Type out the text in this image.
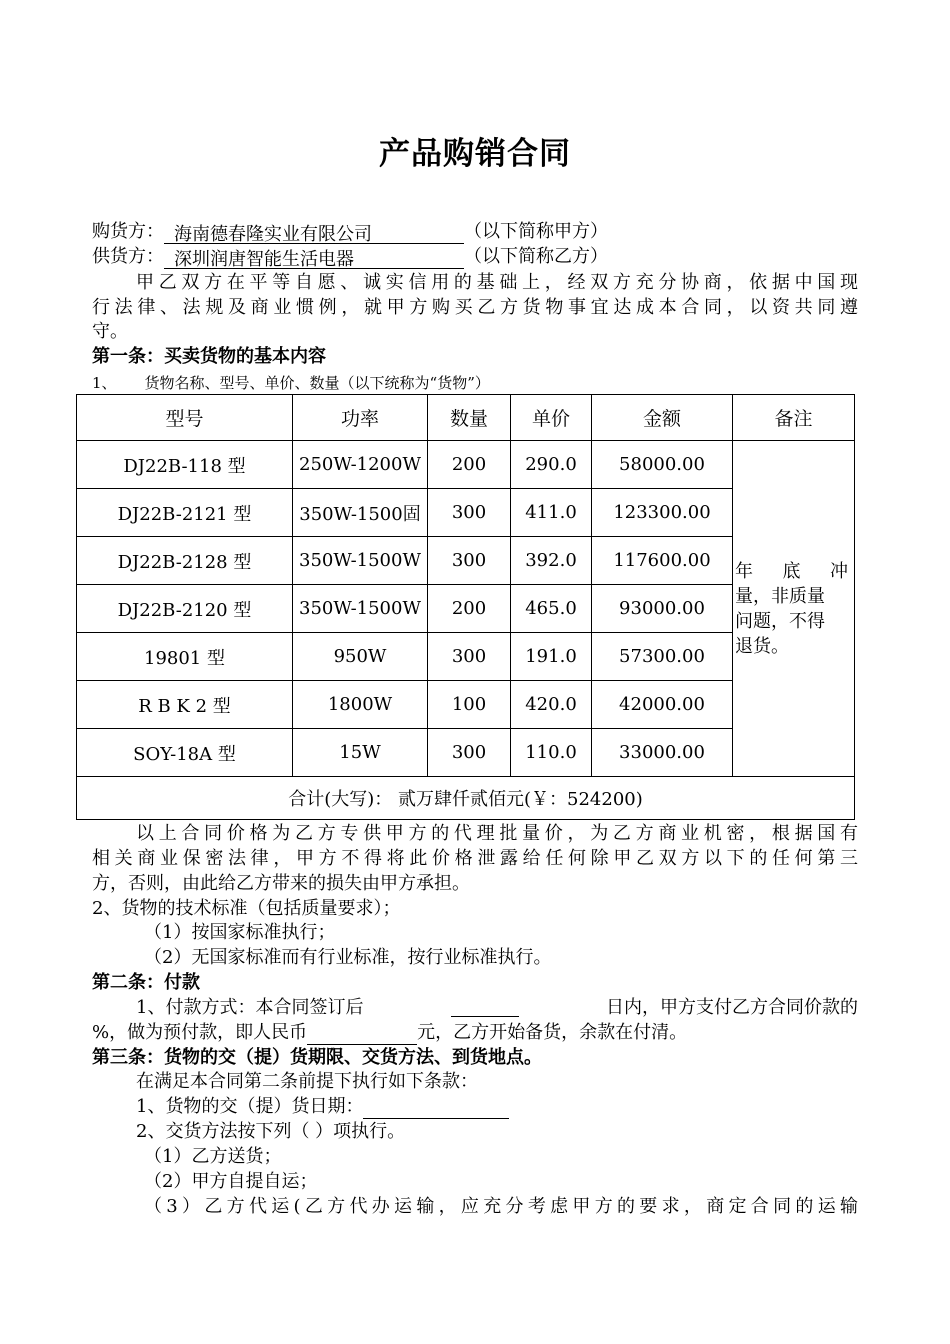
产品购销合同
购货方： 海南德春隆实业有限公司	（以下简称甲方）
供货方： 深圳润唐智能生活电器	（以下简称乙方）
甲乙双方在平等自愿、诚实信用的基础上，经双方充分协商，依据中国现
行法律、法规及商业惯例，就甲方购买乙方货物事宜达成本合同，以资共同遵
守。
第一条：买卖货物的基本内容
1、 货物名称、型号、单价、数量（以下统称为“货物”）
型号	功率	数量	单价	金额	备注
DJ22B-118 型	250W-1200W	200	290.0	58000.00	年 底 冲
量，非质量
问题，不得
退货。

DJ22B-2121 型	350W-1500固	300	411.0	123300.00	
DJ22B-2128 型	350W-1500W	300	392.0	117600.00	
DJ22B-2120 型	350W-1500W	200	465.0	93000.00	
19801 型	950W	300	191.0	57300.00	
R B K 2 型	1800W	100	420.0	42000.00	
SOY-18A 型	15W	300	110.0	33000.00	
合计(大写)： 贰万肆仟贰佰元(￥：524200)					
以上合同价格为乙方专供甲方的代理批量价，为乙方商业机密，根据国有
相关商业保密法律，甲方不得将此价格泄露给任何除甲乙双方以下的任何第三
方，否则，由此给乙方带来的损失由甲方承担。
2、货物的技术标准（包括质量要求）；
（1）按国家标准执行；
（2）无国家标准而有行业标准，按行业标准执行。
第二条：付款
1、付款方式：本合同签订后	日内，甲方支付乙方合同价款的
%，做为预付款，即人民币	元，乙方开始备货，余款在付清。
第三条：货物的交（提）货期限、交货方法、到货地点。
在满足本合同第二条前提下执行如下条款：
1、货物的交（提）货日期：
2、交货方法按下列（ ）项执行。
（1）乙方送货；
（2）甲方自提自运；
（3）乙方代运(乙方代办运输，应充分考虑甲方的要求，商定合同的运输
